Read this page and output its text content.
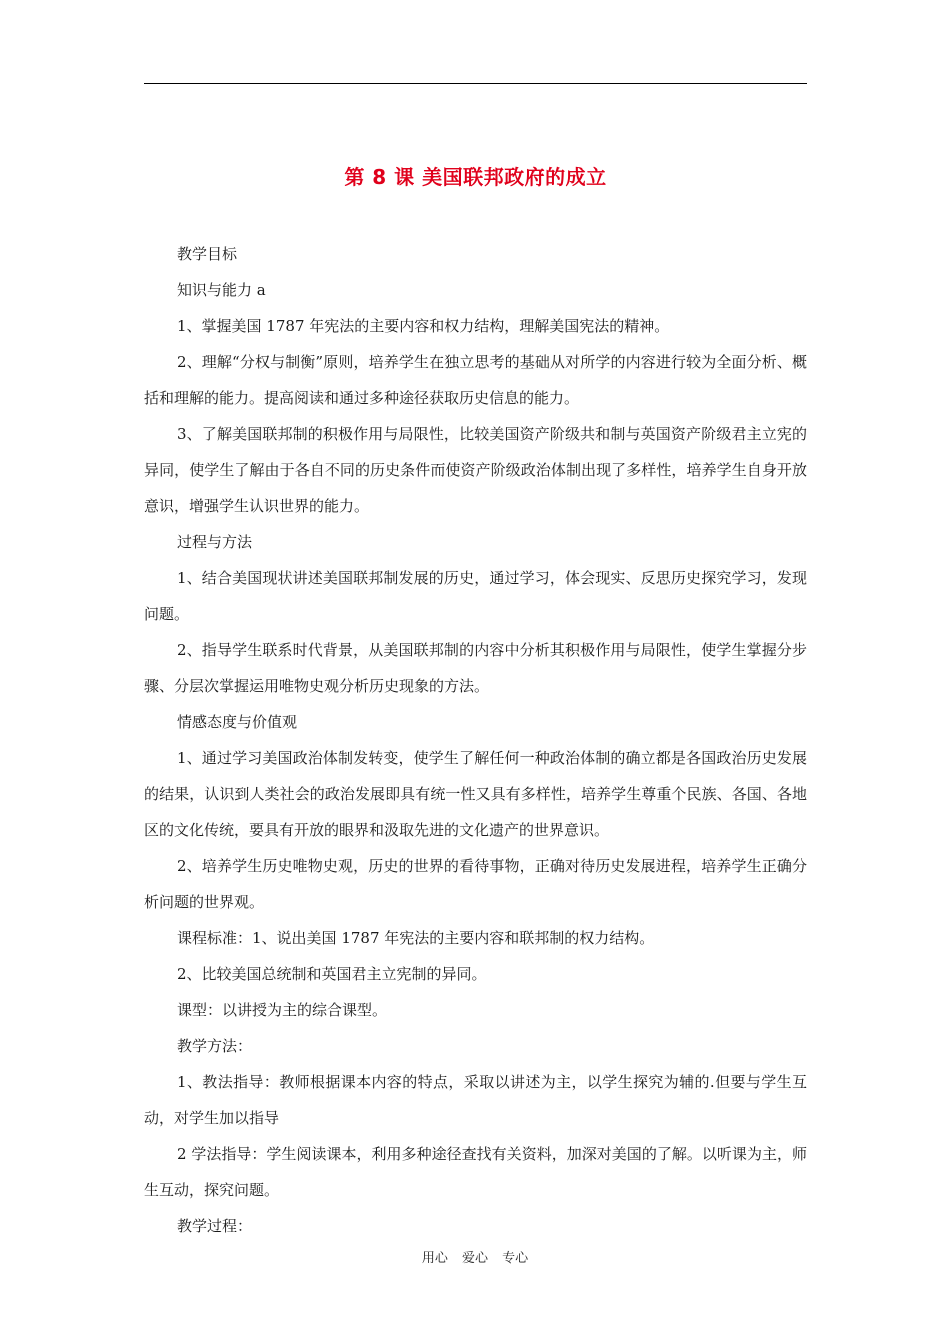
第 8 课 美国联邦政府的成立

教学目标

知识与能力 a

1、掌握美国 1787 年宪法的主要内容和权力结构，理解美国宪法的精神。

2、理解“分权与制衡”原则，培养学生在独立思考的基础从对所学的内容进行较为全面分析、概括和理解的能力。提高阅读和通过多种途径获取历史信息的能力。

3、了解美国联邦制的积极作用与局限性，比较美国资产阶级共和制与英国资产阶级君主立宪的异同，使学生了解由于各自不同的历史条件而使资产阶级政治体制出现了多样性，培养学生自身开放意识，增强学生认识世界的能力。

过程与方法

1、结合美国现状讲述美国联邦制发展的历史，通过学习，体会现实、反思历史探究学习，发现问题。

2、指导学生联系时代背景，从美国联邦制的内容中分析其积极作用与局限性，使学生掌握分步骤、分层次掌握运用唯物史观分析历史现象的方法。

情感态度与价值观

1、通过学习美国政治体制发转变，使学生了解任何一种政治体制的确立都是各国政治历史发展的结果，认识到人类社会的政治发展即具有统一性又具有多样性，培养学生尊重个民族、各国、各地区的文化传统，要具有开放的眼界和汲取先进的文化遗产的世界意识。

2、培养学生历史唯物史观，历史的世界的看待事物，正确对待历史发展进程，培养学生正确分析问题的世界观。

课程标准：1、说出美国 1787 年宪法的主要内容和联邦制的权力结构。

2、比较美国总统制和英国君主立宪制的异同。

课型：以讲授为主的综合课型。

教学方法：

1、教法指导：教师根据课本内容的特点，采取以讲述为主，以学生探究为辅的.但要与学生互动，对学生加以指导

2 学法指导：学生阅读课本，利用多种途径查找有关资料，加深对美国的了解。以听课为主，师生互动，探究问题。

教学过程：

用心 爱心 专心
